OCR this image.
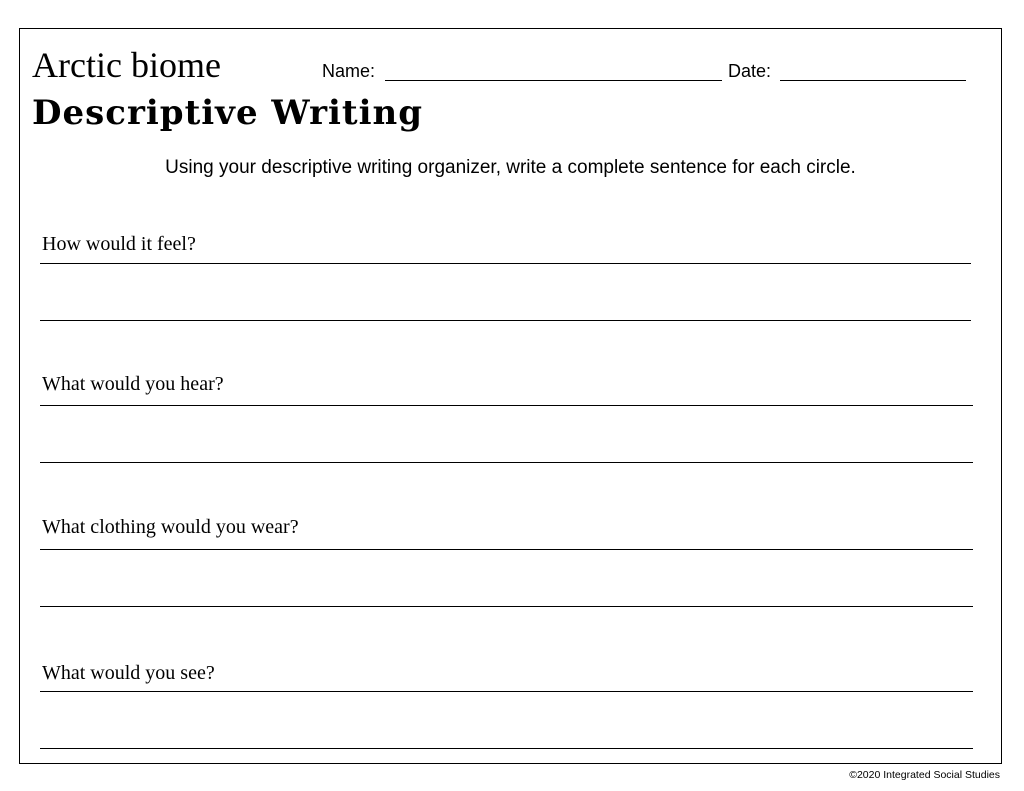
Arctic biome
Descriptive Writing
Name:	Date:
Using your descriptive writing organizer, write a complete sentence for each circle.
How would it feel?
What would you hear?
What clothing would you wear?
What would you see?
©2020 Integrated Social Studies
